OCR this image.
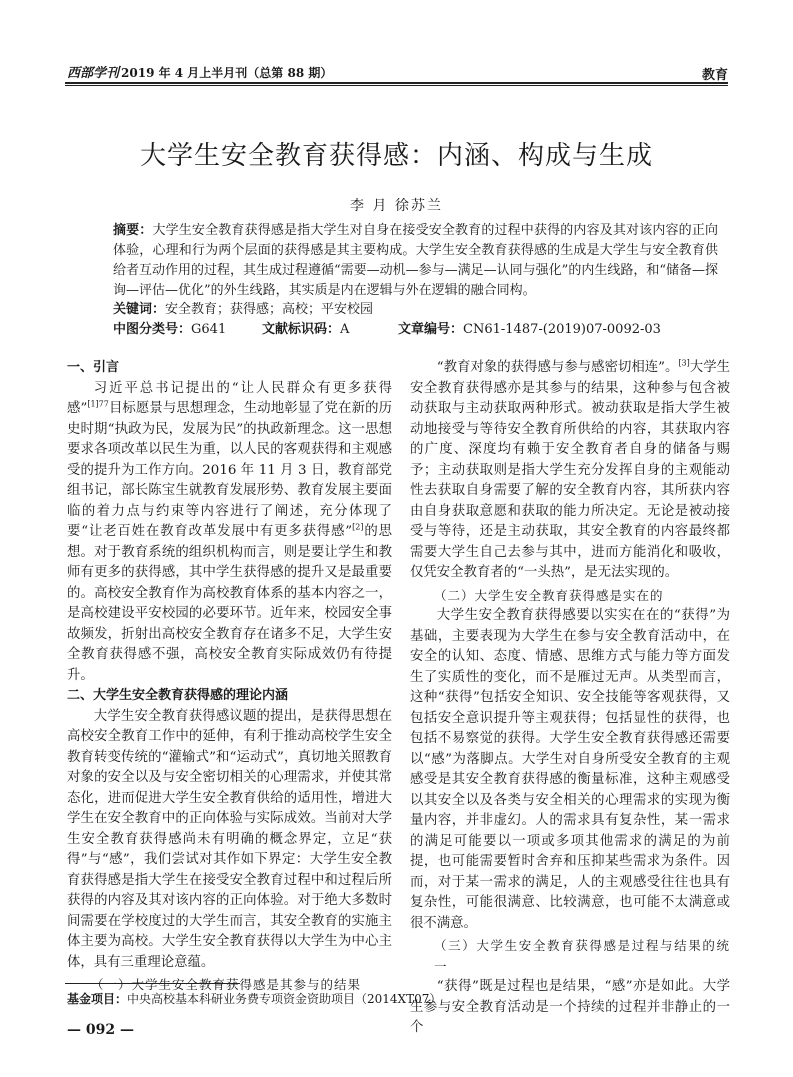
西部学刊 2019 年 4 月上半月刊（总第 88 期）	教育
大学生安全教育获得感：内涵、构成与生成
李 月 徐苏兰
摘要：大学生安全教育获得感是指大学生对自身在接受安全教育的过程中获得的内容及其对该内容的正向体验，心理和行为两个层面的获得感是其主要构成。大学生安全教育获得感的生成是大学生与安全教育供给者互动作用的过程，其生成过程遵循“需要—动机—参与—满足—认同与强化”的内生线路，和“储备—探询—评估—优化”的外生线路，其实质是内在逻辑与外在逻辑的融合同构。
关键词：安全教育；获得感；高校；平安校园
中图分类号：G641	文献标识码：A	文章编号：CN61-1487-(2019)07-0092-03
一、引言

习近平总书记提出的“让人民群众有更多获得感”$^{[1]77}$目标愿景与思想理念，生动地彰显了党在新的历史时期“执政为民，发展为民”的执政新理念。这一思想要求各项改革以民生为重，以人民的客观获得和主观感受的提升为工作方向。2016 年 11 月 3 日，教育部党组书记，部长陈宝生就教育发展形势、教育发展主要面临的着力点与约束等内容进行了阐述，充分体现了要“让老百姓在教育改革发展中有更多获得感”[2]的思想。对于教育系统的组织机构而言，则是要让学生和教师有更多的获得感，其中学生获得感的提升又是最重要的。高校安全教育作为高校教育体系的基本内容之一，是高校建设平安校园的必要环节。近年来，校园安全事故频发，折射出高校安全教育存在诸多不足，大学生安全教育获得感不强，高校安全教育实际成效仍有待提升。

二、大学生安全教育获得感的理论内涵

大学生安全教育获得感议题的提出，是获得思想在高校安全教育工作中的延伸，有利于推动高校学生安全教育转变传统的“灌输式”和“运动式”，真切地关照教育对象的安全以及与安全密切相关的心理需求，并使其常态化，进而促进大学生安全教育供给的适用性，增进大学生在安全教育中的正向体验与实际成效。当前对大学生安全教育获得感尚未有明确的概念界定，立足“获得”与“感”，我们尝试对其作如下界定：大学生安全教育获得感是指大学生在接受安全教育过程中和过程后所获得的内容及其对该内容的正向体验。对于绝大多数时间需要在学校度过的大学生而言，其安全教育的实施主体主要为高校。大学生安全教育获得以大学生为中心主体，具有三重理论意蕴。

（一）大学生安全教育获得感是其参与的结果

“教育对象的获得感与参与感密切相连”。[3]大学生安全教育获得感亦是其参与的结果，这种参与包含被动获取与主动获取两种形式。被动获取是指大学生被动地接受与等待安全教育所供给的内容，其获取内容的广度、深度均有赖于安全教育者自身的储备与赐予；主动获取则是指大学生充分发挥自身的主观能动性去获取自身需要了解的安全教育内容，其所获内容由自身获取意愿和获取的能力所决定。无论是被动接受与等待，还是主动获取，其安全教育的内容最终都需要大学生自己去参与其中，进而方能消化和吸收，仅凭安全教育者的“一头热”，是无法实现的。

（二）大学生安全教育获得感是实在的

大学生安全教育获得感要以实实在在的“获得”为基础，主要表现为大学生在参与安全教育活动中，在安全的认知、态度、情感、思维方式与能力等方面发生了实质性的变化，而不是雁过无声。从类型而言，这种“获得”包括安全知识、安全技能等客观获得，又包括安全意识提升等主观获得；包括显性的获得，也包括不易察觉的获得。大学生安全教育获得感还需要以“感”为落脚点。大学生对自身所受安全教育的主观感受是其安全教育获得感的衡量标准，这种主观感受以其安全以及各类与安全相关的心理需求的实现为衡量内容，并非虚幻。人的需求具有复杂性，某一需求的满足可能要以一项或多项其他需求的满足的为前提，也可能需要暂时舍弃和压抑某些需求为条件。因而，对于某一需求的满足，人的主观感受往往也具有复杂性，可能很满意、比较满意，也可能不太满意或很不满意。

（三）大学生安全教育获得感是过程与结果的统一

“获得”既是过程也是结果，“感”亦是如此。大学生参与安全教育活动是一个持续的过程并非静止的一个

基金项目：中央高校基本科研业务费专项资金资助项目（2014XT07）
— 092 —
